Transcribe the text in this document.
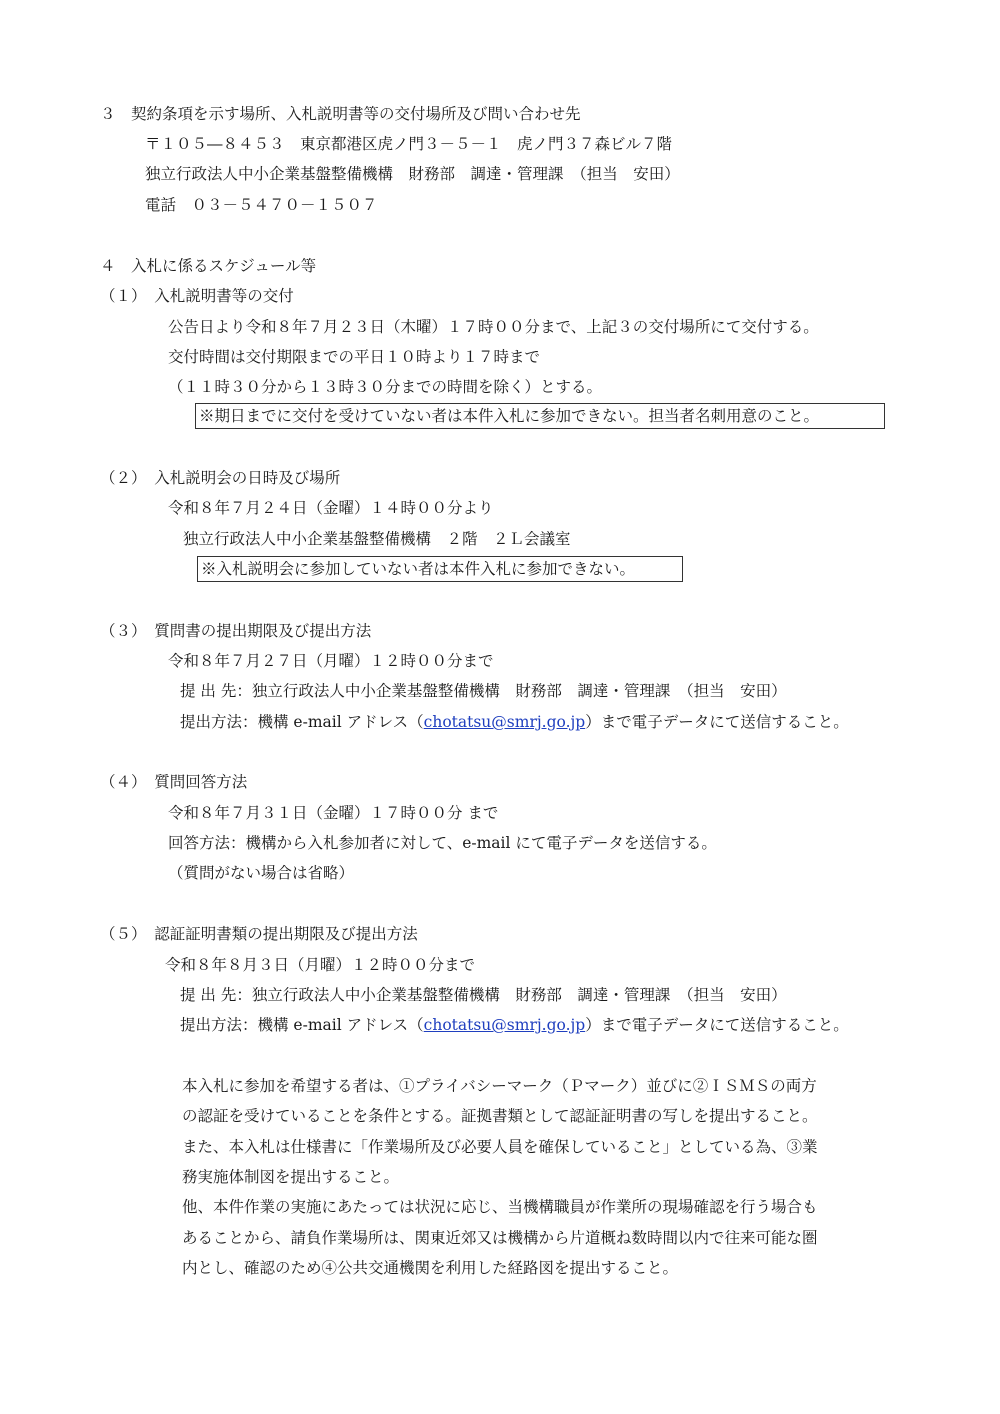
３　契約条項を示す場所、入札説明書等の交付場所及び問い合わせ先
〒１０５―８４５３　東京都港区虎ノ門３－５－１　虎ノ門３７森ビル７階
独立行政法人中小企業基盤整備機構　財務部　調達・管理課　（担当　安田）
電話　０３－５４７０－１５０７
４　入札に係るスケジュール等
（１）　入札説明書等の交付
公告日より令和８年７月２３日（木曜）１７時００分まで、上記３の交付場所にて交付する。
交付時間は交付期限までの平日１０時より１７時まで
（１１時３０分から１３時３０分までの時間を除く）とする。
※期日までに交付を受けていない者は本件入札に参加できない。担当者名刺用意のこと。
（２）　入札説明会の日時及び場所
令和８年７月２４日（金曜）１４時００分より
独立行政法人中小企業基盤整備機構　２階　２Ｌ会議室
※入札説明会に参加していない者は本件入札に参加できない。
（３）　質問書の提出期限及び提出方法
令和８年７月２７日（月曜）１２時００分まで
提 出 先：独立行政法人中小企業基盤整備機構　財務部　調達・管理課　（担当　安田）
提出方法：機構 e-mail アドレス（chotatsu@smrj.go.jp）まで電子データにて送信すること。
（４）　質問回答方法
令和８年７月３１日（金曜）１７時００分 まで
回答方法：機構から入札参加者に対して、e-mail にて電子データを送信する。
（質問がない場合は省略）
（５）　認証証明書類の提出期限及び提出方法
令和８年８月３日（月曜）１２時００分まで
提 出 先：独立行政法人中小企業基盤整備機構　財務部　調達・管理課　（担当　安田）
提出方法：機構 e-mail アドレス（chotatsu@smrj.go.jp）まで電子データにて送信すること。
本入札に参加を希望する者は、①プライバシーマーク（Ｐマーク）並びに②ＩＳＭＳの両方
の認証を受けていることを条件とする。証拠書類として認証証明書の写しを提出すること。
また、本入札は仕様書に「作業場所及び必要人員を確保していること」としている為、③業
務実施体制図を提出すること。
他、本件作業の実施にあたっては状況に応じ、当機構職員が作業所の現場確認を行う場合も
あることから、請負作業場所は、関東近郊又は機構から片道概ね数時間以内で往来可能な圏
内とし、確認のため④公共交通機関を利用した経路図を提出すること。
